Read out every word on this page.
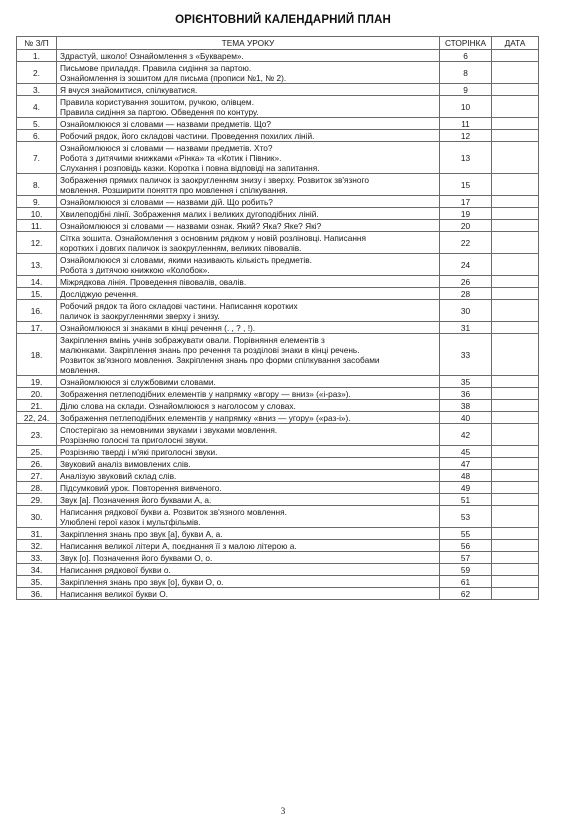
ОРІЄНТОВНИЙ КАЛЕНДАРНИЙ ПЛАН
№ З/П	ТЕМА УРОКУ	СТОРІНКА	ДАТА
1.	Здрастуй, школо! Ознайомлення з «Букварем».	6	
2.	Письмове приладдя. Правила сидіння за партою.
Ознайомлення із зошитом для письма (прописи №1, № 2).	8	
3.	Я вчуся знайомитися, спілкуватися.	9	
4.	Правила користування зошитом, ручкою, олівцем.
Правила сидіння за партою. Обведення по контуру.	10	
5.	Ознайомлююся зі словами — назвами предметів. Що?	11	
6.	Робочий рядок, його складові частини. Проведення похилих ліній.	12	
7.	Ознайомлююся зі словами — назвами предметів. Хто?
Робота з дитячими книжками «Рінка» та «Котик і Півник».
Слухання і розповідь казки. Коротка і повна відповіді на запитання.	13	
8.	Зображення прямих паличок із заокругленням знизу і зверху. Розвиток зв'язного
мовлення. Розширити поняття про мовлення і спілкування.	15	
9.	Ознайомлююся зі словами — назвами дій. Що робить?	17	
10.	Хвилеподібні лінії. Зображення малих і великих дугоподібних ліній.	19	
11.	Ознайомлююся зі словами — назвами ознак. Який? Яка? Яке? Які?	20	
12.	Сітка зошита. Ознайомлення з основним рядком у новій розліновці. Написання
коротких і довгих паличок із заокругленням, великих півовалів.	22	
13.	Ознайомлююся зі словами, якими називають кількість предметів.
Робота з дитячою книжкою «Колобок».	24	
14.	Міжрядкова лінія. Проведення півовалів, овалів.	26	
15.	Досліджую речення.	28	
16.	Робочий рядок та його складові частини. Написання коротких
паличок із заокругленнями зверху і знизу.	30	
17.	Ознайомлююся зі знаками в кінці речення (. , ? , !).	31	
18.	Закріплення вмінь учнів зображувати овали. Порівняння елементів з
малюнками. Закріплення знань про речення та розділові знаки в кінці речень.
Розвиток зв'язного мовлення. Закріплення знань про форми спілкування засобами
мовлення.	33	
19.	Ознайомлююся зі службовими словами.	35	
20.	Зображення петлеподібних елементів у напрямку «вгору — вниз» («і-раз»).	36	
21.	Ділю слова на склади. Ознайомлююся з наголосом у словах.	38	
22, 24.	Зображення петлеподібних елементів у напрямку «вниз — угору» («раз-і»).	40	
23.	Спостерігаю за немовними звуками і звуками мовлення.
Розрізняю голосні та приголосні звуки.	42	
25.	Розрізняю тверді і м'які приголосні звуки.	45	
26.	Звуковий аналіз вимовлених слів.	47	
27.	Аналізую звуковий склад слів.	48	
28.	Підсумковий урок. Повторення вивченого.	49	
29.	Звук [а]. Позначення його буквами А, а.	51	
30.	Написання рядкової букви а. Розвиток зв'язного мовлення.
Улюблені герої казок і мультфільмів.	53	
31.	Закріплення знань про звук [а], букви А, а.	55	
32.	Написання великої літери А, поєднання її з малою літерою а.	56	
33.	Звук [о]. Позначення його буквами О, о.	57	
34.	Написання рядкової букви о.	59	
35.	Закріплення знань про звук [о], букви О, о.	61	
36.	Написання великої букви О.	62	
3
